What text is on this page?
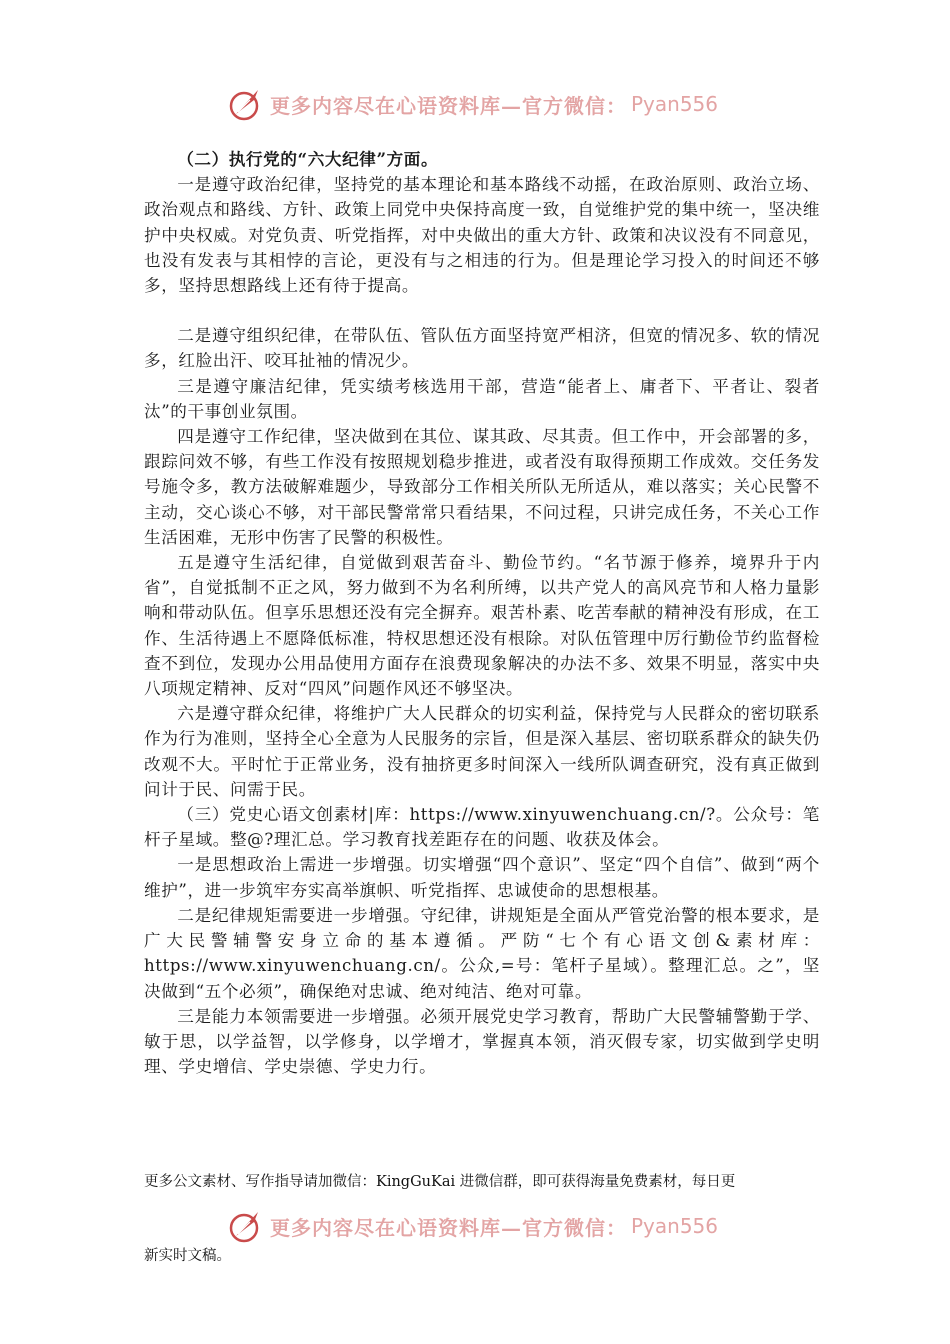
更多内容尽在心语资料库—官方微信： Pyan556

（二）执行党的“六大纪律”方面。

一是遵守政治纪律，坚持党的基本理论和基本路线不动摇，在政治原则、政治立场、政治观点和路线、方针、政策上同党中央保持高度一致，自觉维护党的集中统一，坚决维护中央权威。对党负责、听党指挥，对中央做出的重大方针、政策和决议没有不同意见，也没有发表与其相悖的言论，更没有与之相违的行为。但是理论学习投入的时间还不够多，坚持思想路线上还有待于提高。

二是遵守组织纪律，在带队伍、管队伍方面坚持宽严相济，但宽的情况多、软的情况多，红脸出汗、咬耳扯袖的情况少。

三是遵守廉洁纪律，凭实绩考核选用干部，营造“能者上、庸者下、平者让、裂者汰”的干事创业氛围。

四是遵守工作纪律，坚决做到在其位、谋其政、尽其责。但工作中，开会部署的多，跟踪问效不够，有些工作没有按照规划稳步推进，或者没有取得预期工作成效。交任务发号施令多，教方法破解难题少，导致部分工作相关所队无所适从，难以落实；关心民警不主动，交心谈心不够，对干部民警常常只看结果，不问过程，只讲完成任务，不关心工作生活困难，无形中伤害了民警的积极性。

五是遵守生活纪律，自觉做到艰苦奋斗、勤俭节约。“名节源于修养，境界升于内省”，自觉抵制不正之风，努力做到不为名利所缚，以共产党人的高风亮节和人格力量影响和带动队伍。但享乐思想还没有完全摒弃。艰苦朴素、吃苦奉献的精神没有形成，在工作、生活待遇上不愿降低标准，特权思想还没有根除。对队伍管理中厉行勤俭节约监督检查不到位，发现办公用品使用方面存在浪费现象解决的办法不多、效果不明显，落实中央八项规定精神、反对“四风”问题作风还不够坚决。

六是遵守群众纪律，将维护广大人民群众的切实利益，保持党与人民群众的密切联系作为行为准则，坚持全心全意为人民服务的宗旨，但是深入基层、密切联系群众的缺失仍改观不大。平时忙于正常业务，没有抽挤更多时间深入一线所队调查研究，没有真正做到问计于民、问需于民。

（三）党史心语文创素材|库：https://www.xinyuwenchuang.cn/?。公众号：笔杆子星域。整@?理汇总。学习教育找差距存在的问题、收获及体会。

一是思想政治上需进一步增强。切实增强“四个意识”、坚定“四个自信”、做到“两个维护”，进一步筑牢夯实高举旗帜、听党指挥、忠诚使命的思想根基。

二是纪律规矩需要进一步增强。守纪律，讲规矩是全面从严管党治警的根本要求，是广大民警辅警安身立命的基本遵循。严防“七个有心语文创&素材库：https://www.xinyuwenchuang.cn/。公众,=号：笔杆子星域）。整理汇总。之”，坚决做到“五个必须”，确保绝对忠诚、绝对纯洁、绝对可靠。

三是能力本领需要进一步增强。必须开展党史学习教育，帮助广大民警辅警勤于学、敏于思，以学益智，以学修身，以学增才，掌握真本领，消灭假专家，切实做到学史明理、学史增信、学史崇德、学史力行。

更多公文素材、写作指导请加微信：KingGuKai 进微信群，即可获得海量免费素材，每日更
更多内容尽在心语资料库—官方微信： Pyan556
新实时文稿。
